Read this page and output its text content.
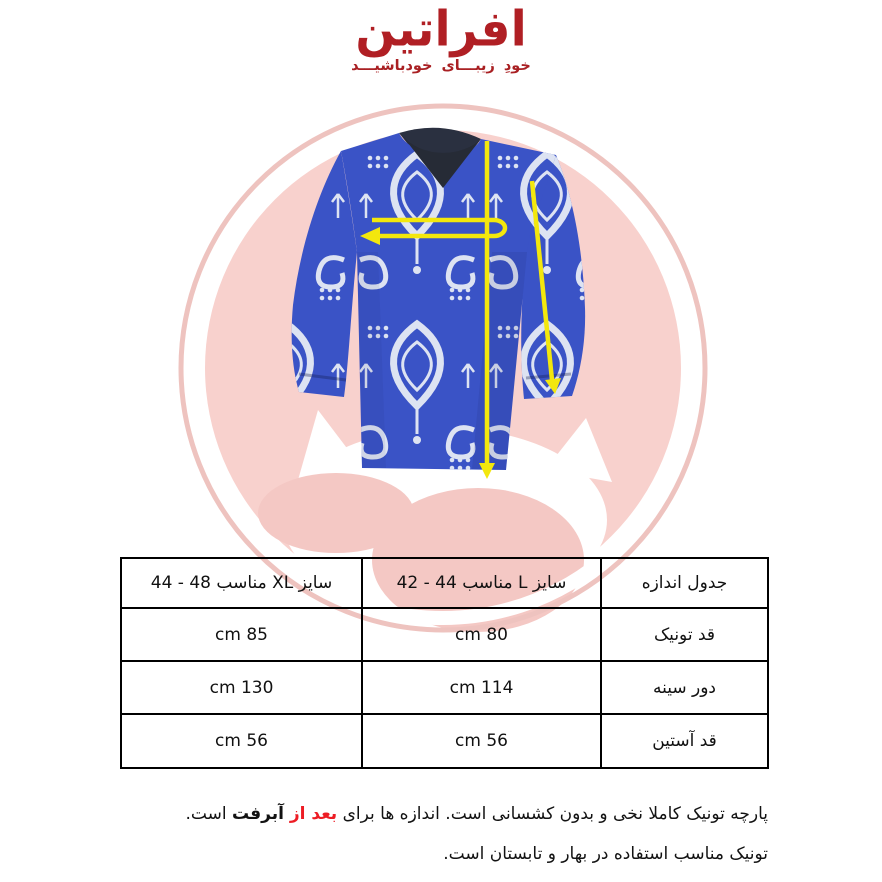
افراتین
خودِ زیبـــای خودباشیـــد
جدول اندازه	سایز L مناسب 44 - 42	سایز XL مناسب 48 - 44
قد تونیک	80 cm	85 cm
دور سینه	114 cm	130 cm
قد آستین	56 cm	56 cm
پارچه تونیک کاملا نخی و بدون کشسانی است. اندازه ها برای بعد از آبرفت است.
تونیک مناسب استفاده در بهار و تابستان است.
